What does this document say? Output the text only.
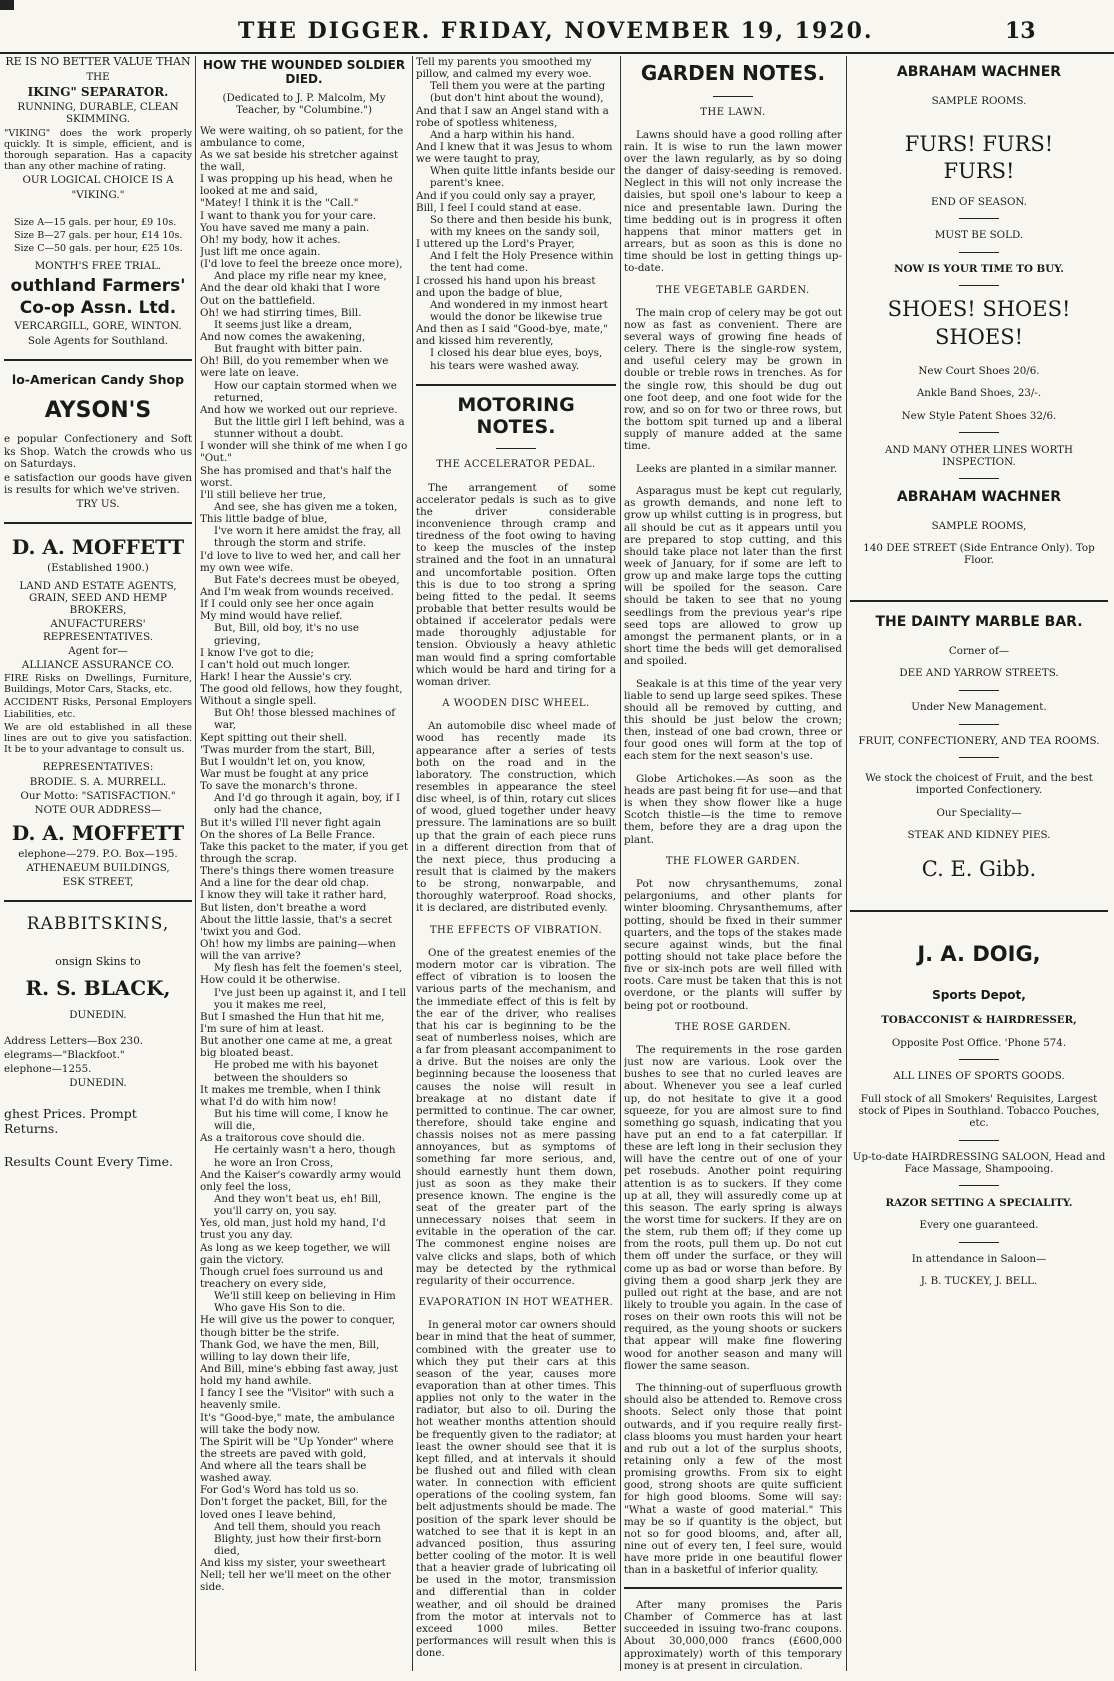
THE DIGGER. FRIDAY, NOVEMBER 19, 1920.	13

RE IS NO BETTER VALUE THAN

THE

IKING" SEPARATOR.

RUNNING, DURABLE, CLEAN SKIMMING.

"VIKING" does the work properly quickly. It is simple, efficient, and is thorough separation. Has a capacity than any other machine of rating.

OUR LOGICAL CHOICE IS A

"VIKING."

Size A—15 gals. per hour, £9 10s.

Size B—27 gals. per hour, £14 10s.

Size C—50 gals. per hour, £25 10s.

MONTH'S FREE TRIAL.

outhland Farmers'

Co-op Assn. Ltd.

VERCARGILL, GORE, WINTON.

Sole Agents for Southland.

lo-American Candy Shop

AYSON'S

e popular Confectionery and Soft ks Shop. Watch the crowds who us on Saturdays.

e satisfaction our goods have given is results for which we've striven.

TRY US.

D. A. MOFFETT

(Established 1900.)

LAND AND ESTATE AGENTS, GRAIN, SEED AND HEMP BROKERS,

ANUFACTURERS' REPRESENTATIVES.

Agent for—

ALLIANCE ASSURANCE CO.

FIRE Risks on Dwellings, Furniture, Buildings, Motor Cars, Stacks, etc.

ACCIDENT Risks, Personal Employers Liabilities, etc.

We are old established in all these lines are out to give you satisfaction. It be to your advantage to consult us.

REPRESENTATIVES:

BRODIE. S. A. MURRELL.

Our Motto: "SATISFACTION."

NOTE OUR ADDRESS—

D. A. MOFFETT

elephone—279. P.O. Box—195.

ATHENAEUM BUILDINGS,

ESK STREET,

RABBITSKINS,

onsign Skins to

R. S. BLACK,

DUNEDIN.

Address Letters—Box 230.

elegrams—"Blackfoot."

elephone—1255.

DUNEDIN.

ghest Prices. Prompt Returns.

Results Count Every Time.

HOW THE WOUNDED SOLDIER DIED.

(Dedicated to J. P. Malcolm, My Teacher, by "Columbine.")

We were waiting, oh so patient, for the ambulance to come,

As we sat beside his stretcher against the wall,

I was propping up his head, when he looked at me and said,

"Matey! I think it is the "Call."

I want to thank you for your care.

You have saved me many a pain.

Oh! my body, how it aches.

Just lift me once again.

(I'd love to feel the breeze once more),

And place my rifle near my knee,

And the dear old khaki that I wore

Out on the battlefield.

Oh! we had stirring times, Bill.

It seems just like a dream,

And now comes the awakening,

But fraught with bitter pain.

Oh! Bill, do you remember when we were late on leave.

How our captain stormed when we returned,

And how we worked out our reprieve.

But the little girl I left behind, was a stunner without a doubt.

I wonder will she think of me when I go "Out."

She has promised and that's half the worst.

I'll still believe her true,

And see, she has given me a token,

This little badge of blue,

I've worn it here amidst the fray, all through the storm and strife.

I'd love to live to wed her, and call her my own wee wife.

But Fate's decrees must be obeyed,

And I'm weak from wounds received.

If I could only see her once again

My mind would have relief.

But, Bill, old boy, it's no use grieving,

I know I've got to die;

I can't hold out much longer.

Hark! I hear the Aussie's cry.

The good old fellows, how they fought,

Without a single spell.

But Oh! those blessed machines of war,

Kept spitting out their shell.

'Twas murder from the start, Bill,

But I wouldn't let on, you know,

War must be fought at any price

To save the monarch's throne.

And I'd go through it again, boy, if I only had the chance,

But it's willed I'll never fight again

On the shores of La Belle France.

Take this packet to the mater, if you get through the scrap.

There's things there women treasure

And a line for the dear old chap.

I know they will take it rather hard,

But listen, don't breathe a word

About the little lassie, that's a secret 'twixt you and God.

Oh! how my limbs are paining—when will the van arrive?

My flesh has felt the foemen's steel,

How could it be otherwise.

I've just been up against it, and I tell you it makes me reel,

But I smashed the Hun that hit me,

I'm sure of him at least.

But another one came at me, a great big bloated beast.

He probed me with his bayonet between the shoulders so

It makes me tremble, when I think what I'd do with him now!

But his time will come, I know he will die,

As a traitorous cove should die.

He certainly wasn't a hero, though he wore an Iron Cross,

And the Kaiser's cowardly army would only feel the loss,

And they won't beat us, eh! Bill, you'll carry on, you say.

Yes, old man, just hold my hand, I'd trust you any day.

As long as we keep together, we will gain the victory.

Though cruel foes surround us and treachery on every side,

We'll still keep on believing in Him Who gave His Son to die.

He will give us the power to conquer, though bitter be the strife.

Thank God, we have the men, Bill, willing to lay down their life,

And Bill, mine's ebbing fast away, just hold my hand awhile.

I fancy I see the "Visitor" with such a heavenly smile.

It's "Good-bye," mate, the ambulance will take the body now.

The Spirit will be "Up Yonder" where the streets are paved with gold,

And where all the tears shall be washed away.

For God's Word has told us so.

Don't forget the packet, Bill, for the loved ones I leave behind,

And tell them, should you reach Blighty, just how their first-born died,

And kiss my sister, your sweetheart Nell; tell her we'll meet on the other side.

Tell my parents you smoothed my pillow, and calmed my every woe.

Tell them you were at the parting (but don't hint about the wound),

And that I saw an Angel stand with a robe of spotless whiteness,

And a harp within his hand.

And I knew that it was Jesus to whom we were taught to pray,

When quite little infants beside our parent's knee.

And if you could only say a prayer, Bill, I feel I could stand at ease.

So there and then beside his bunk, with my knees on the sandy soil,

I uttered up the Lord's Prayer,

And I felt the Holy Presence within the tent had come.

I crossed his hand upon his breast and upon the badge of blue,

And wondered in my inmost heart would the donor be likewise true

And then as I said "Good-bye, mate," and kissed him reverently,

I closed his dear blue eyes, boys, his tears were washed away.

MOTORING NOTES.
THE ACCELERATOR PEDAL.

The arrangement of some accelerator pedals is such as to give the driver considerable inconvenience through cramp and tiredness of the foot owing to having to keep the muscles of the instep strained and the foot in an unnatural and uncomfortable position. Often this is due to too strong a spring being fitted to the pedal. It seems probable that better results would be obtained if accelerator pedals were made thoroughly adjustable for tension. Obviously a heavy athletic man would find a spring comfortable which would be hard and tiring for a woman driver.

A WOODEN DISC WHEEL.

An automobile disc wheel made of wood has recently made its appearance after a series of tests both on the road and in the laboratory. The construction, which resembles in appearance the steel disc wheel, is of thin, rotary cut slices of wood, glued together under heavy pressure. The laminations are so built up that the grain of each piece runs in a different direction from that of the next piece, thus producing a result that is claimed by the makers to be strong, nonwarpable, and thoroughly waterproof. Road shocks, it is declared, are distributed evenly.

THE EFFECTS OF VIBRATION.

One of the greatest enemies of the modern motor car is vibration. The effect of vibration is to loosen the various parts of the mechanism, and the immediate effect of this is felt by the ear of the driver, who realises that his car is beginning to be the seat of numberless noises, which are a far from pleasant accompaniment to a drive. But the noises are only the beginning because the looseness that causes the noise will result in breakage at no distant date if permitted to continue. The car owner, therefore, should take engine and chassis noises not as mere passing annoyances, but as symptoms of something far more serious, and, should earnestly hunt them down, just as soon as they make their presence known. The engine is the seat of the greater part of the unnecessary noises that seem in evitable in the operation of the car. The commonest engine noises are valve clicks and slaps, both of which may be detected by the rythmical regularity of their occurrence.

EVAPORATION IN HOT WEATHER.

In general motor car owners should bear in mind that the heat of summer, combined with the greater use to which they put their cars at this season of the year, causes more evaporation than at other times. This applies not only to the water in the radiator, but also to oil. During the hot weather months attention should be frequently given to the radiator; at least the owner should see that it is kept filled, and at intervals it should be flushed out and filled with clean water. In connection with efficient operations of the cooling system, fan belt adjustments should be made. The position of the spark lever should be watched to see that it is kept in an advanced position, thus assuring better cooling of the motor. It is well that a heavier grade of lubricating oil be used in the motor, transmission and differential than in colder weather, and oil should be drained from the motor at intervals not to exceed 1000 miles. Better performances will result when this is done.

GARDEN NOTES.
THE LAWN.

Lawns should have a good rolling after rain. It is wise to run the lawn mower over the lawn regularly, as by so doing the danger of daisy-seeding is removed. Neglect in this will not only increase the daisies, but spoil one's labour to keep a nice and presentable lawn. During the time bedding out is in progress it often happens that minor matters get in arrears, but as soon as this is done no time should be lost in getting things up-to-date.

THE VEGETABLE GARDEN.

The main crop of celery may be got out now as fast as convenient. There are several ways of growing fine heads of celery. There is the single-row system, and useful celery may be grown in double or treble rows in trenches. As for the single row, this should be dug out one foot deep, and one foot wide for the row, and so on for two or three rows, but the bottom spit turned up and a liberal supply of manure added at the same time.

Leeks are planted in a similar manner.

Asparagus must be kept cut regularly, as growth demands, and none left to grow up whilst cutting is in progress, but all should be cut as it appears until you are prepared to stop cutting, and this should take place not later than the first week of January, for if some are left to grow up and make large tops the cutting will be spoiled for the season. Care should be taken to see that no young seedlings from the previous year's ripe seed tops are allowed to grow up amongst the permanent plants, or in a short time the beds will get demoralised and spoiled.

Seakale is at this time of the year very liable to send up large seed spikes. These should all be removed by cutting, and this should be just below the crown; then, instead of one bad crown, three or four good ones will form at the top of each stem for the next season's use.

Globe Artichokes.—As soon as the heads are past being fit for use—and that is when they show flower like a huge Scotch thistle—is the time to remove them, before they are a drag upon the plant.

THE FLOWER GARDEN.

Pot now chrysanthemums, zonal pelargoniums, and other plants for winter blooming. Chrysanthemums, after potting, should be fixed in their summer quarters, and the tops of the stakes made secure against winds, but the final potting should not take place before the five or six-inch pots are well filled with roots. Care must be taken that this is not overdone, or the plants will suffer by being pot or rootbound.

THE ROSE GARDEN.

The requirements in the rose garden just now are various. Look over the bushes to see that no curled leaves are about. Whenever you see a leaf curled up, do not hesitate to give it a good squeeze, for you are almost sure to find something go squash, indicating that you have put an end to a fat caterpillar. If these are left long in their seclusion they will have the centre out of one of your pet rosebuds. Another point requiring attention is as to suckers. If they come up at all, they will assuredly come up at this season. The early spring is always the worst time for suckers. If they are on the stem, rub them off; if they come up from the roots, pull them up. Do not cut them off under the surface, or they will come up as bad or worse than before. By giving them a good sharp jerk they are pulled out right at the base, and are not likely to trouble you again. In the case of roses on their own roots this will not be required, as the young shoots or suckers that appear will make fine flowering wood for another season and many will flower the same season.

The thinning-out of superfluous growth should also be attended to. Remove cross shoots. Select only those that point outwards, and if you require really first-class blooms you must harden your heart and rub out a lot of the surplus shoots, retaining only a few of the most promising growths. From six to eight good, strong shoots are quite sufficient for high good blooms. Some will say: "What a waste of good material." This may be so if quantity is the object, but not so for good blooms, and, after all, nine out of every ten, I feel sure, would have more pride in one beautiful flower than in a basketful of inferior quality.

After many promises the Paris Chamber of Commerce has at last succeeded in issuing two-franc coupons. About 30,000,000 francs (£600,000 approximately) worth of this temporary money is at present in circulation.

ABRAHAM WACHNER

SAMPLE ROOMS.

FURS! FURS! FURS!

END OF SEASON.

MUST BE SOLD.

NOW IS YOUR TIME TO BUY.

SHOES! SHOES! SHOES!

New Court Shoes 20/6.

Ankle Band Shoes, 23/-.

New Style Patent Shoes 32/6.

AND MANY OTHER LINES WORTH INSPECTION.

ABRAHAM WACHNER

SAMPLE ROOMS,

140 DEE STREET (Side Entrance Only). Top Floor.

THE DAINTY MARBLE BAR.

Corner of—

DEE AND YARROW STREETS.

Under New Management.

FRUIT, CONFECTIONERY, AND TEA ROOMS.

We stock the choicest of Fruit, and the best imported Confectionery.

Our Speciality—

STEAK AND KIDNEY PIES.

C. E. Gibb.

J. A. DOIG,

Sports Depot,

TOBACCONIST & HAIRDRESSER,

Opposite Post Office. 'Phone 574.

ALL LINES OF SPORTS GOODS.

Full stock of all Smokers' Requisites, Largest stock of Pipes in Southland. Tobacco Pouches, etc.

Up-to-date HAIRDRESSING SALOON, Head and Face Massage, Shampooing.

RAZOR SETTING A SPECIALITY.

Every one guaranteed.

In attendance in Saloon—

J. B. TUCKEY, J. BELL.
